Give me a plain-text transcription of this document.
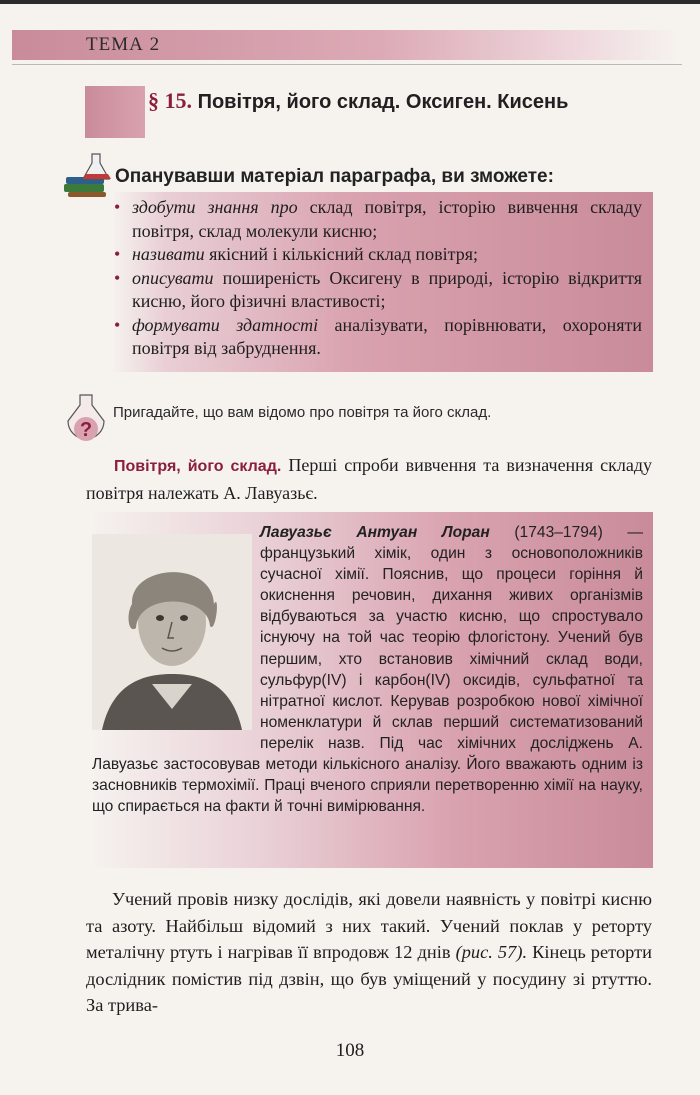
ТЕМА 2
§ 15. Повітря, його склад. Оксиген. Кисень
Опанувавши матеріал параграфа, ви зможете:
• здобути знання про склад повітря, історію вивчення складу повітря, склад молекули кисню;
• називати якісний і кількісний склад повітря;
• описувати поширеність Оксигену в природі, історію відкриття кисню, його фізичні властивості;
• формувати здатності аналізувати, порівнювати, охороняти повітря від забруднення.
?
Пригадайте, що вам відомо про повітря та його склад.
Повітря, його склад. Перші спроби вивчення та визначення складу повітря належать А. Лавуазьє.
Лавуазьє Антуан Лоран (1743–1794) — французький хімік, один з основоположників сучасної хімії. Пояснив, що процеси горіння й окиснення речовин, дихання живих організмів відбуваються за участю кисню, що спростувало існуючу на той час теорію флогістону. Учений був першим, хто встановив хімічний склад води, сульфур(IV) і карбон(IV) оксидів, сульфатної та нітратної кислот. Керував розробкою нової хімічної номенклатури й склав перший систематизований перелік назв. Під час хімічних досліджень А. Лавуазьє застосовував методи кількісного аналізу. Його вважають одним із засновників термохімії. Праці вченого сприяли перетворенню хімії на науку, що спирається на факти й точні вимірювання.
Учений провів низку дослідів, які довели наявність у повітрі кисню та азоту. Найбільш відомий з них такий. Учений поклав у реторту металічну ртуть і нагрівав її впродовж 12 днів (рис. 57). Кінець реторти дослідник помістив під дзвін, що був уміщений у посудину зі ртуттю. За трива-
108
